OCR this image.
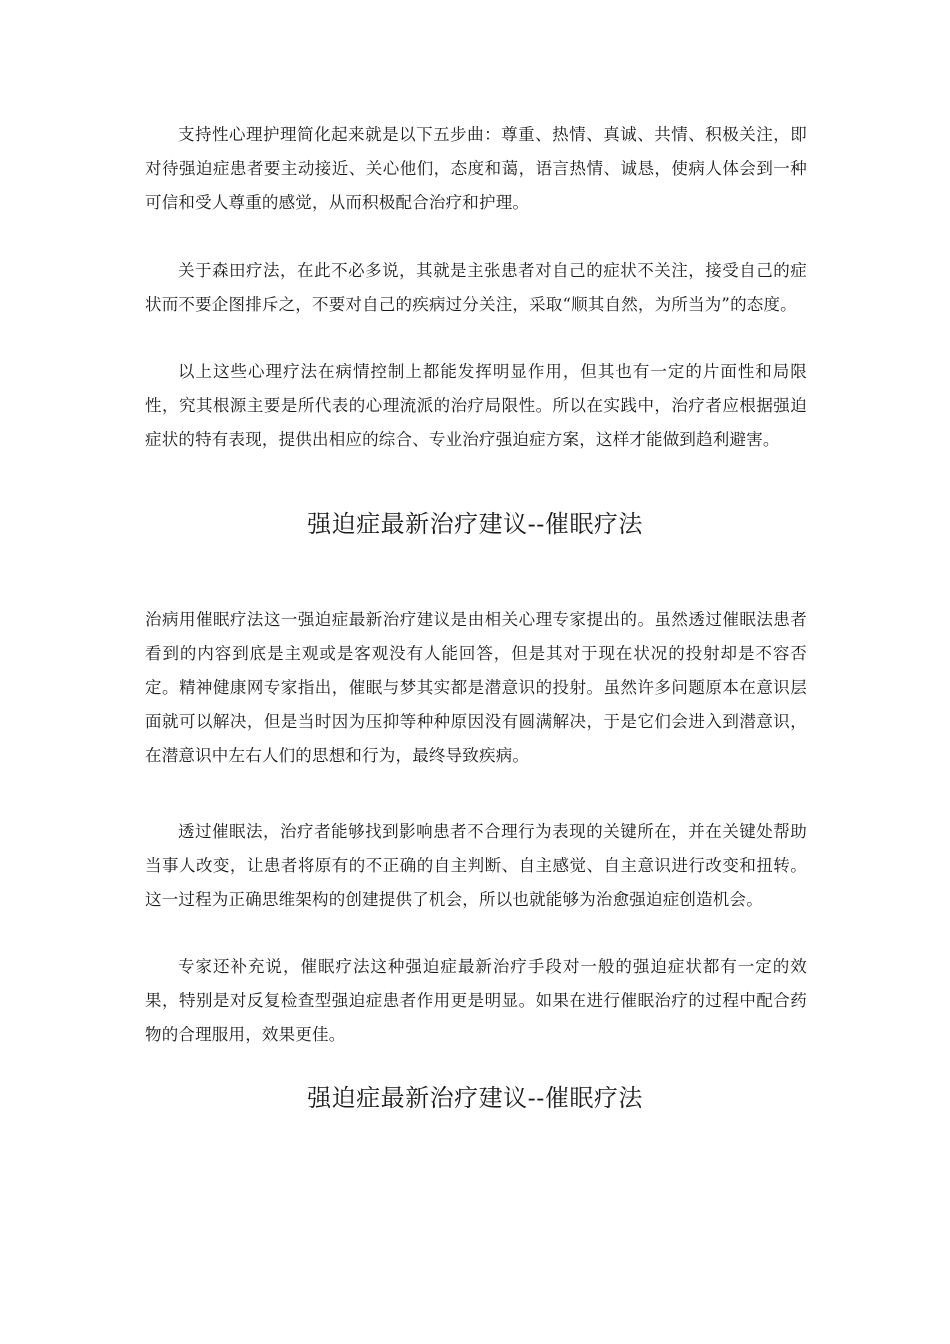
支持性心理护理简化起来就是以下五步曲：尊重、热情、真诚、共情、积极关注，即对待强迫症患者要主动接近、关心他们，态度和蔼，语言热情、诚恳，使病人体会到一种可信和受人尊重的感觉，从而积极配合治疗和护理。

关于森田疗法，在此不必多说，其就是主张患者对自己的症状不关注，接受自己的症状而不要企图排斥之，不要对自己的疾病过分关注，采取“顺其自然，为所当为”的态度。

以上这些心理疗法在病情控制上都能发挥明显作用，但其也有一定的片面性和局限性，究其根源主要是所代表的心理流派的治疗局限性。所以在实践中，治疗者应根据强迫症状的特有表现，提供出相应的综合、专业治疗强迫症方案，这样才能做到趋利避害。

强迫症最新治疗建议--催眠疗法

治病用催眠疗法这一强迫症最新治疗建议是由相关心理专家提出的。虽然透过催眠法患者看到的内容到底是主观或是客观没有人能回答，但是其对于现在状况的投射却是不容否定。精神健康网专家指出，催眠与梦其实都是潜意识的投射。虽然许多问题原本在意识层面就可以解决，但是当时因为压抑等种种原因没有圆满解决，于是它们会进入到潜意识，在潜意识中左右人们的思想和行为，最终导致疾病。

透过催眠法，治疗者能够找到影响患者不合理行为表现的关键所在，并在关键处帮助当事人改变，让患者将原有的不正确的自主判断、自主感觉、自主意识进行改变和扭转。这一过程为正确思维架构的创建提供了机会，所以也就能够为治愈强迫症创造机会。

专家还补充说，催眠疗法这种强迫症最新治疗手段对一般的强迫症状都有一定的效果，特别是对反复检查型强迫症患者作用更是明显。如果在进行催眠治疗的过程中配合药物的合理服用，效果更佳。

强迫症最新治疗建议--催眠疗法
